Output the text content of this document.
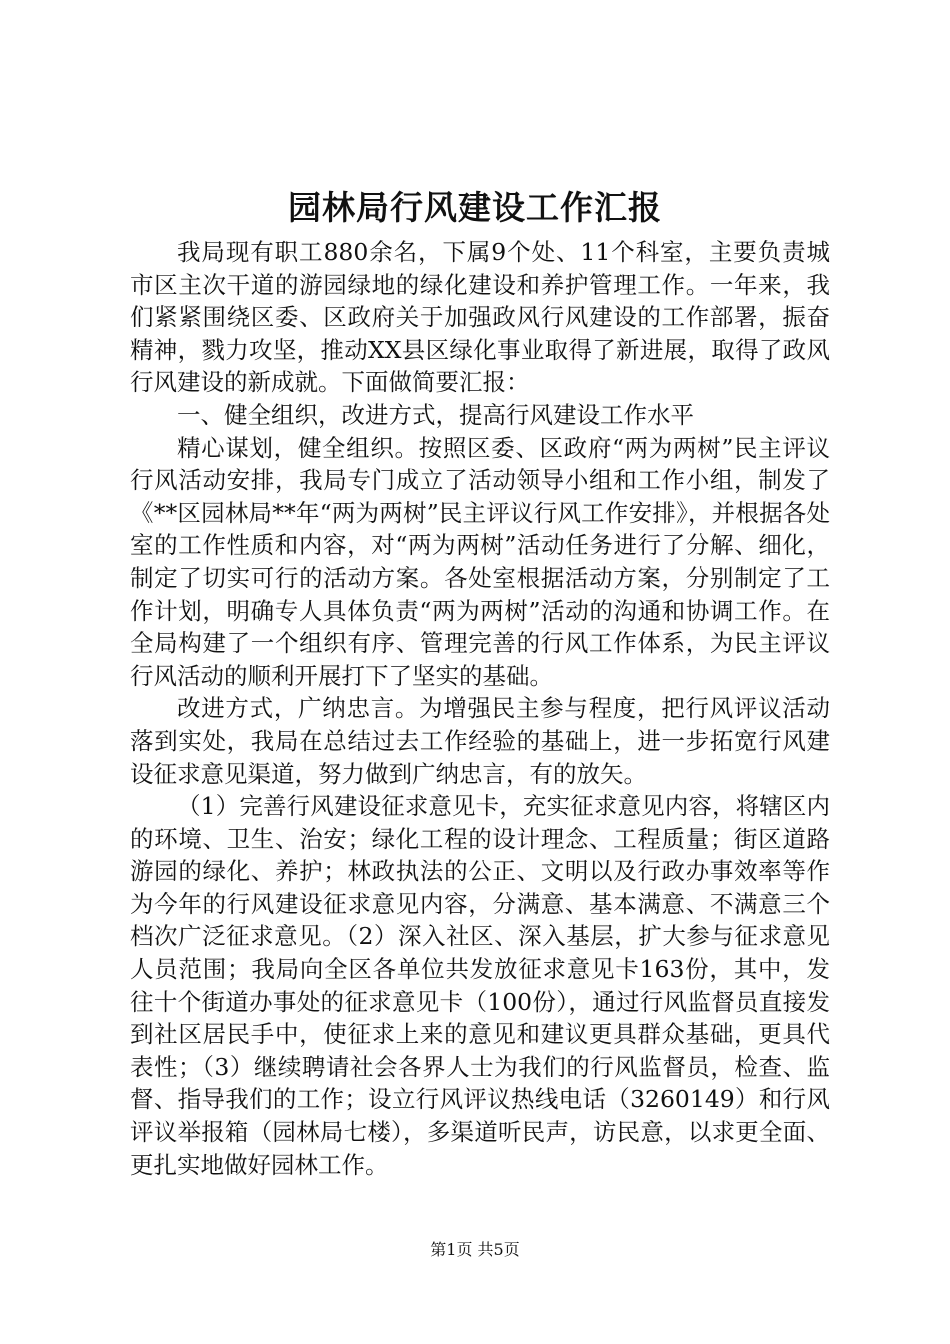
园林局行风建设工作汇报

我局现有职工880余名，下属9个处、11个科室，主要负责城市区主次干道的游园绿地的绿化建设和养护管理工作。一年来，我们紧紧围绕区委、区政府关于加强政风行风建设的工作部署，振奋精神，戮力攻坚，推动XX县区绿化事业取得了新进展，取得了政风行风建设的新成就。下面做简要汇报：

一、健全组织，改进方式，提高行风建设工作水平

精心谋划，健全组织。按照区委、区政府“两为两树”民主评议行风活动安排，我局专门成立了活动领导小组和工作小组，制发了《**区园林局**年“两为两树”民主评议行风工作安排》，并根据各处室的工作性质和内容，对“两为两树”活动任务进行了分解、细化，制定了切实可行的活动方案。各处室根据活动方案，分别制定了工作计划，明确专人具体负责“两为两树”活动的沟通和协调工作。在全局构建了一个组织有序、管理完善的行风工作体系，为民主评议行风活动的顺利开展打下了坚实的基础。

改进方式，广纳忠言。为增强民主参与程度，把行风评议活动落到实处，我局在总结过去工作经验的基础上，进一步拓宽行风建设征求意见渠道，努力做到广纳忠言，有的放矢。

（1）完善行风建设征求意见卡，充实征求意见内容，将辖区内的环境、卫生、治安；绿化工程的设计理念、工程质量；街区道路游园的绿化、养护；林政执法的公正、文明以及行政办事效率等作为今年的行风建设征求意见内容，分满意、基本满意、不满意三个档次广泛征求意见。（2）深入社区、深入基层，扩大参与征求意见人员范围；我局向全区各单位共发放征求意见卡163份，其中，发往十个街道办事处的征求意见卡（100份），通过行风监督员直接发到社区居民手中，使征求上来的意见和建议更具群众基础，更具代表性；（3）继续聘请社会各界人士为我们的行风监督员，检查、监督、指导我们的工作；设立行风评议热线电话（3260149）和行风评议举报箱（园林局七楼），多渠道听民声，访民意，以求更全面、更扎实地做好园林工作。

第1页 共5页
